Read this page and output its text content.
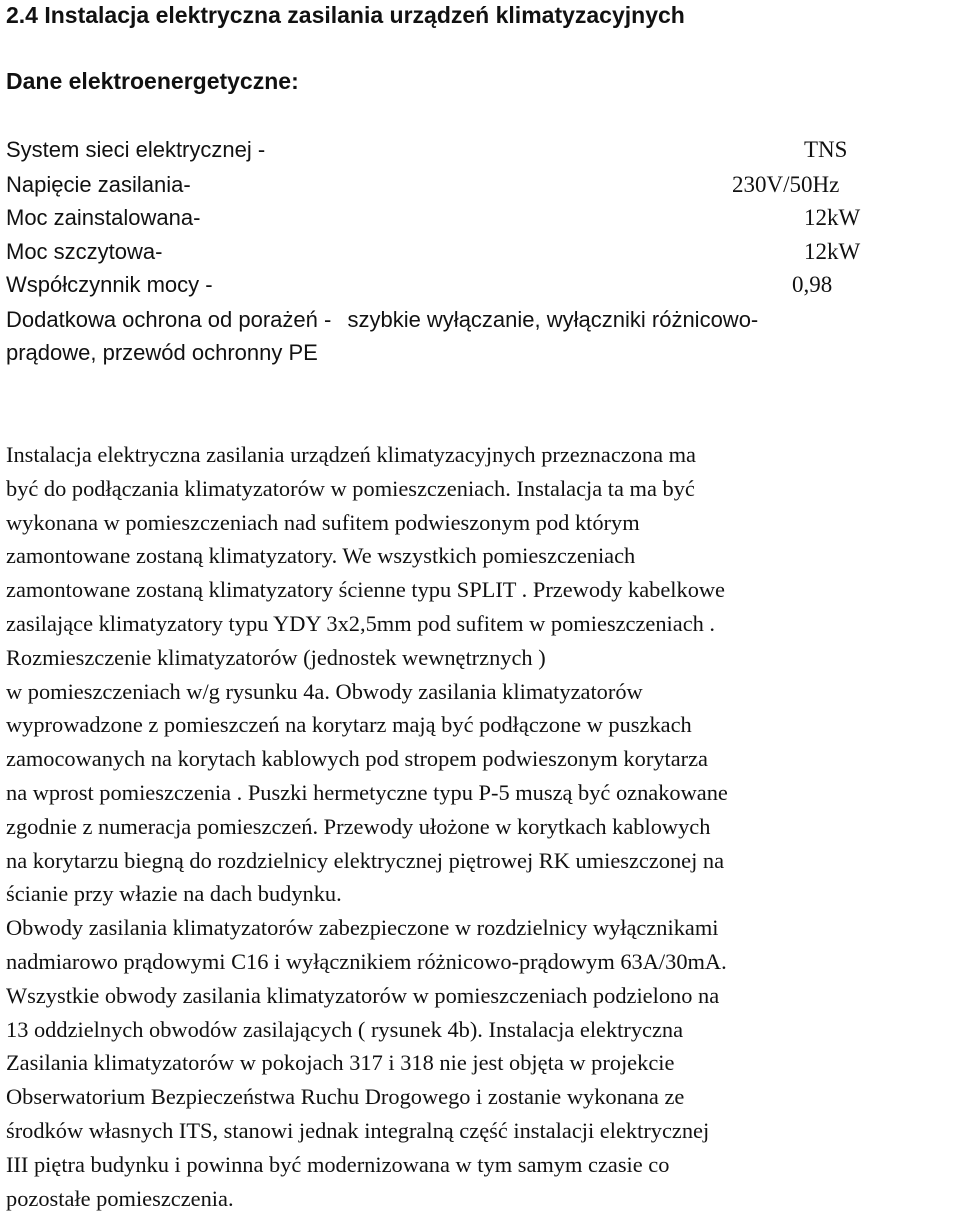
2.4 Instalacja elektryczna zasilania urządzeń klimatyzacyjnych
Dane elektroenergetyczne:
System sieci elektrycznej -	TNS
Napięcie zasilania-	230V/50Hz
Moc zainstalowana-	12kW
Moc szczytowa-	12kW
Współczynnik mocy -	0,98
Dodatkowa ochrona od porażeń - szybkie wyłączanie, wyłączniki różnicowo-
prądowe, przewód ochronny PE
Instalacja elektryczna zasilania urządzeń klimatyzacyjnych przeznaczona ma
być do podłączania klimatyzatorów w pomieszczeniach. Instalacja ta ma być
wykonana w pomieszczeniach nad sufitem podwieszonym pod którym
zamontowane zostaną klimatyzatory. We wszystkich pomieszczeniach
zamontowane zostaną klimatyzatory ścienne typu SPLIT . Przewody kabelkowe
zasilające klimatyzatory typu YDY 3x2,5mm pod sufitem w pomieszczeniach .
Rozmieszczenie klimatyzatorów (jednostek wewnętrznych )
w pomieszczeniach w/g rysunku 4a. Obwody zasilania klimatyzatorów
wyprowadzone z pomieszczeń na korytarz mają być podłączone w puszkach
zamocowanych na korytach kablowych pod stropem podwieszonym korytarza
na wprost pomieszczenia . Puszki hermetyczne typu P-5 muszą być oznakowane
zgodnie z numeracja pomieszczeń. Przewody ułożone w korytkach kablowych
na korytarzu biegną do rozdzielnicy elektrycznej piętrowej RK umieszczonej na
ścianie przy włazie na dach budynku.
Obwody zasilania klimatyzatorów zabezpieczone w rozdzielnicy wyłącznikami
nadmiarowo prądowymi C16 i wyłącznikiem różnicowo-prądowym 63A/30mA.
Wszystkie obwody zasilania klimatyzatorów w pomieszczeniach podzielono na
13 oddzielnych obwodów zasilających ( rysunek 4b). Instalacja elektryczna
Zasilania klimatyzatorów w pokojach 317 i 318 nie jest objęta w projekcie
Obserwatorium Bezpieczeństwa Ruchu Drogowego i zostanie wykonana ze
środków własnych ITS, stanowi jednak integralną część instalacji elektrycznej
III piętra budynku i powinna być modernizowana w tym samym czasie co
pozostałe pomieszczenia.
